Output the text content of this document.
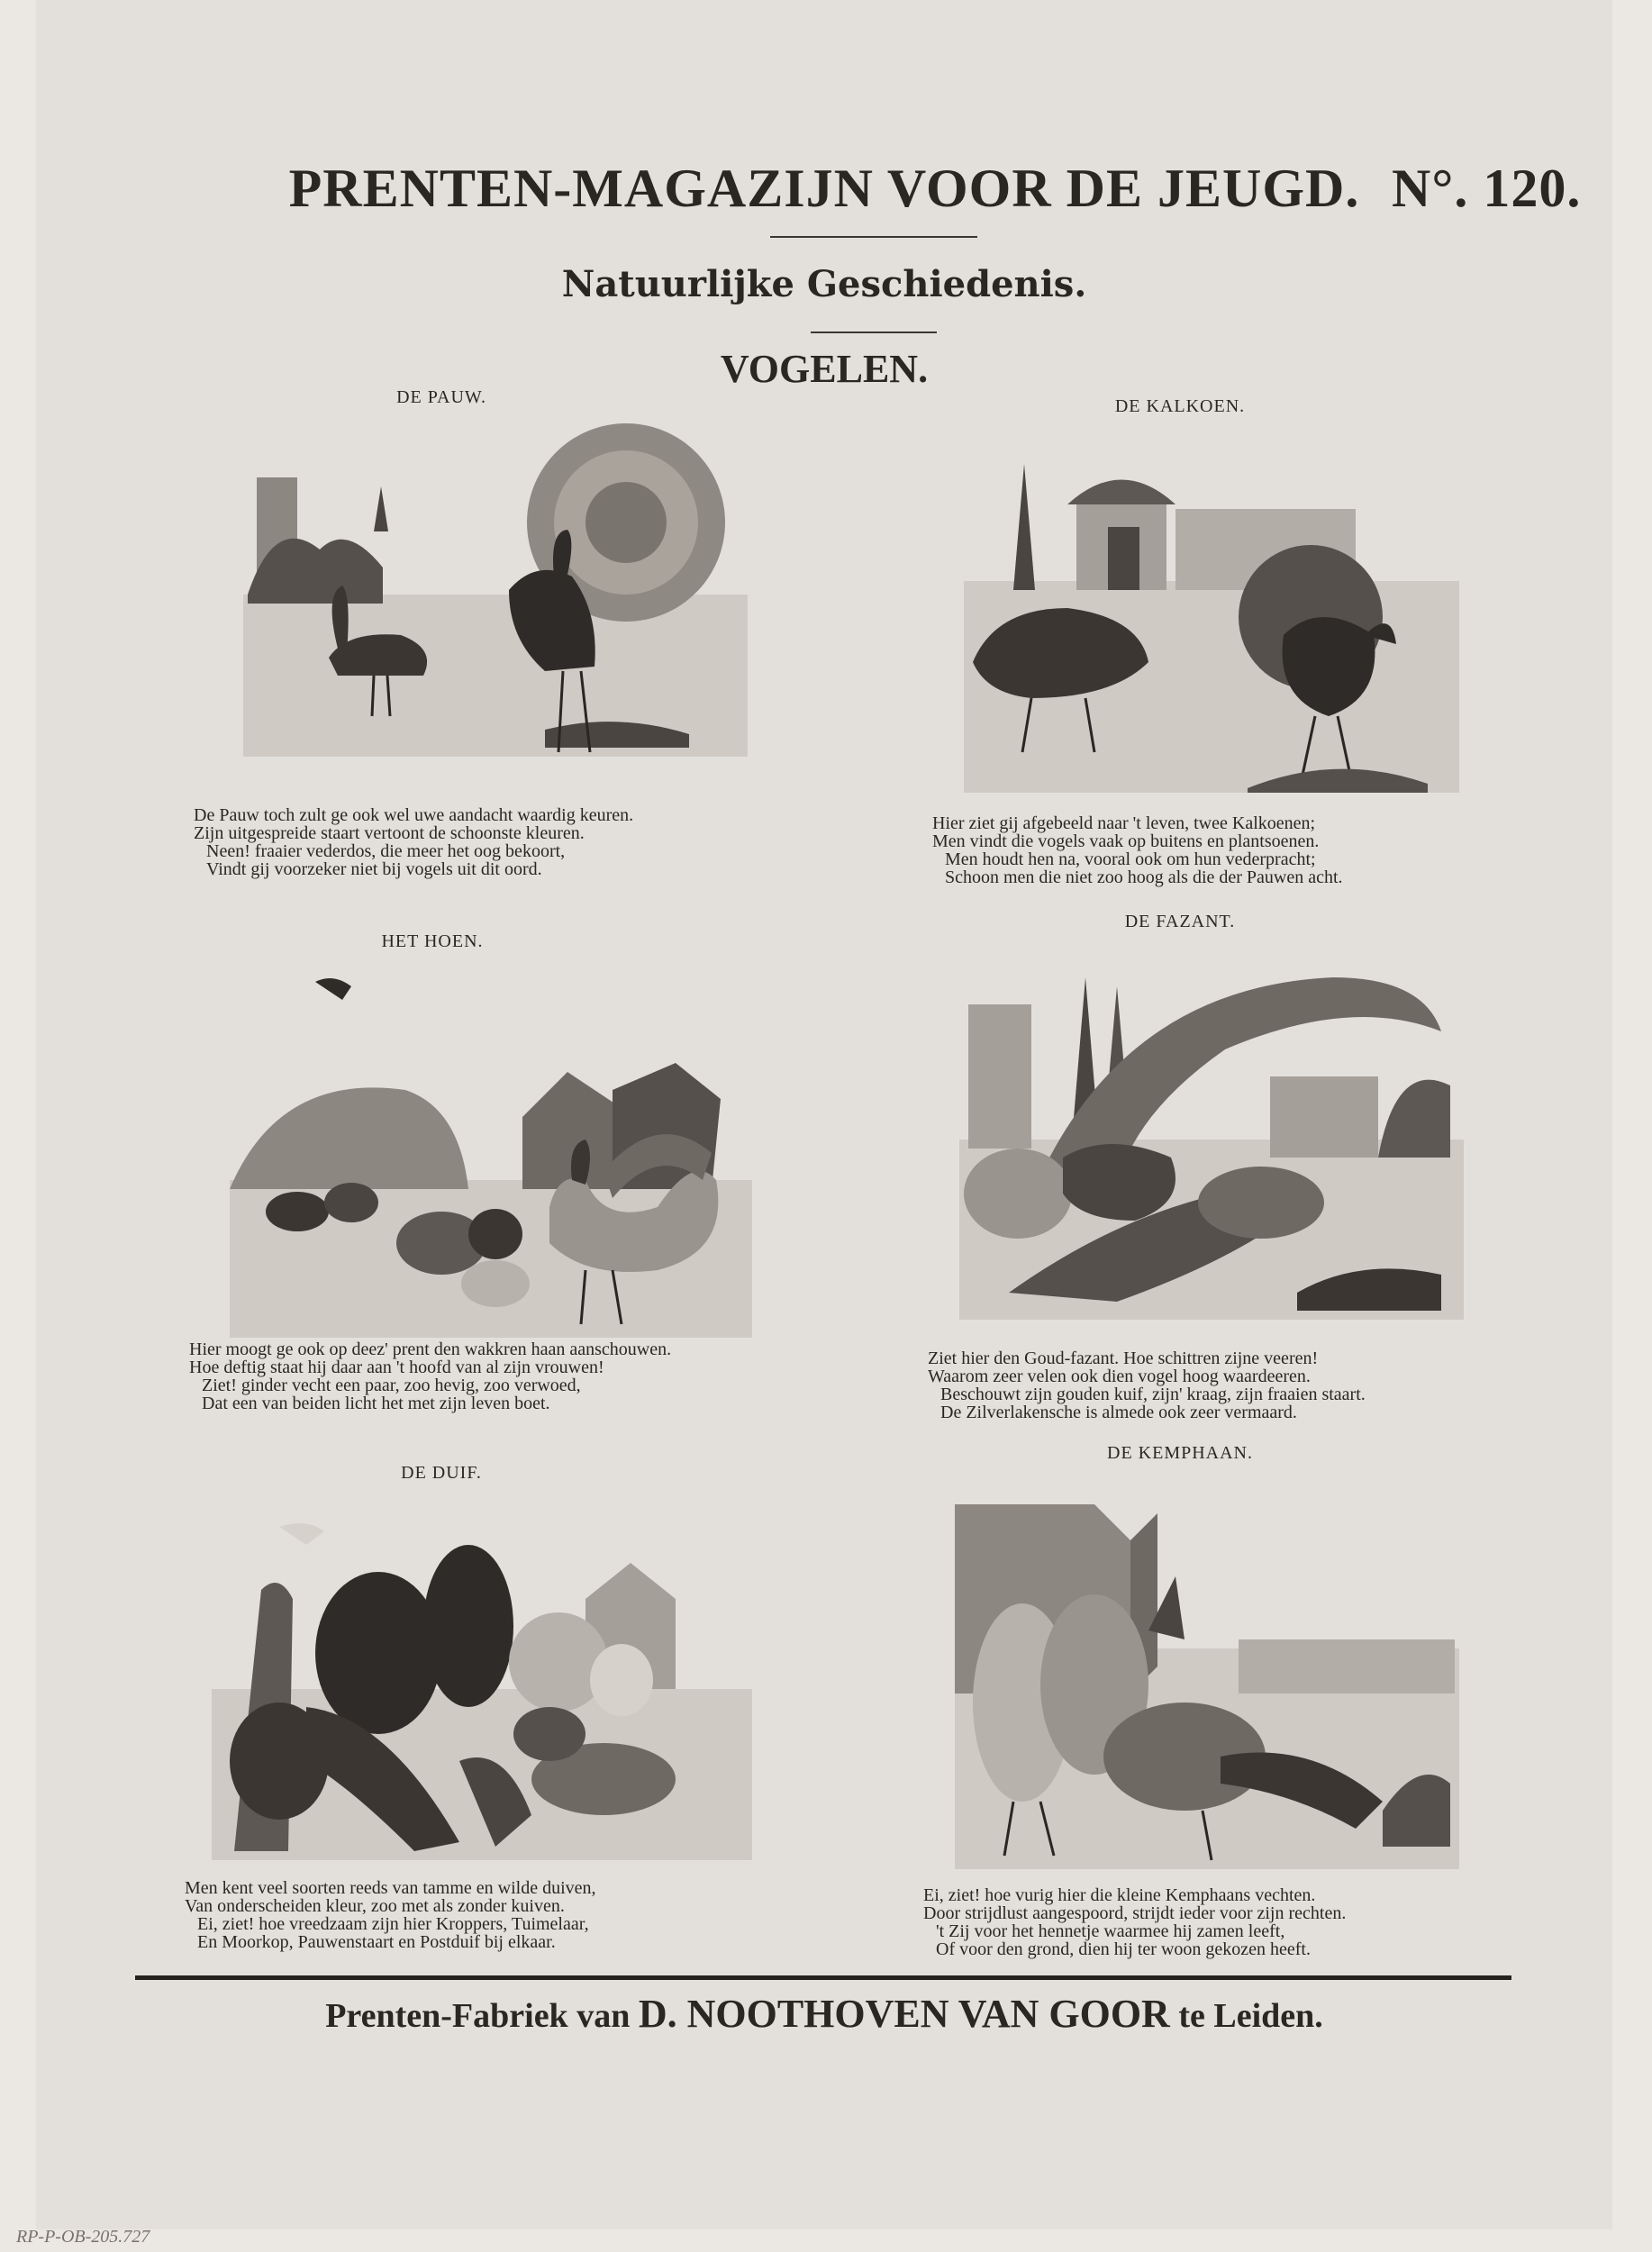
PRENTEN-MAGAZIJN VOOR DE JEUGD. N°. 120.
Natuurlijke Geschiedenis.
VOGELEN.
DE PAUW.
De Pauw toch zult ge ook wel uwe aandacht waardig keuren.
Zijn uitgespreide staart vertoont de schoonste kleuren.
Neen! fraaier vederdos, die meer het oog bekoort,
Vindt gij voorzeker niet bij vogels uit dit oord.
DE KALKOEN.
Hier ziet gij afgebeeld naar 't leven, twee Kalkoenen;
Men vindt die vogels vaak op buitens en plantsoenen.
Men houdt hen na, vooral ook om hun vederpracht;
Schoon men die niet zoo hoog als die der Pauwen acht.
HET HOEN.
Hier moogt ge ook op deez' prent den wakkren haan aanschouwen.
Hoe deftig staat hij daar aan 't hoofd van al zijn vrouwen!
Ziet! ginder vecht een paar, zoo hevig, zoo verwoed,
Dat een van beiden licht het met zijn leven boet.
DE FAZANT.
Ziet hier den Goud-fazant. Hoe schittren zijne veeren!
Waarom zeer velen ook dien vogel hoog waardeeren.
Beschouwt zijn gouden kuif, zijn' kraag, zijn fraaien staart.
De Zilverlakensche is almede ook zeer vermaard.
DE DUIF.
Men kent veel soorten reeds van tamme en wilde duiven,
Van onderscheiden kleur, zoo met als zonder kuiven.
Ei, ziet! hoe vreedzaam zijn hier Kroppers, Tuimelaar,
En Moorkop, Pauwenstaart en Postduif bij elkaar.
DE KEMPHAAN.
Ei, ziet! hoe vurig hier die kleine Kemphaans vechten.
Door strijdlust aangespoord, strijdt ieder voor zijn rechten.
't Zij voor het hennetje waarmee hij zamen leeft,
Of voor den grond, dien hij ter woon gekozen heeft.
Prenten-Fabriek van D. NOOTHOVEN VAN GOOR te Leiden.
RP-P-OB-205.727
